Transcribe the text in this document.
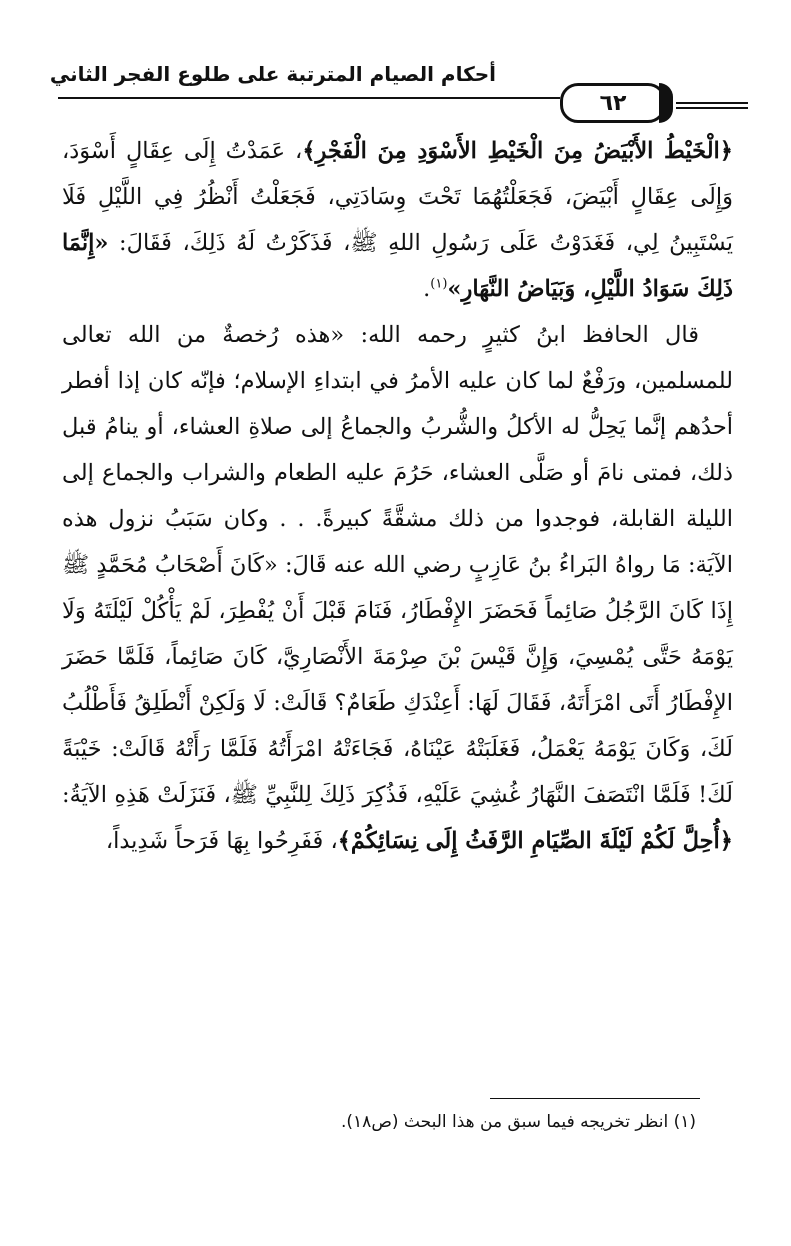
أحكام الصيام المترتبة على طلوع الفجر الثاني
٦٢

﴿الْخَيْطُ الأَبْيَضُ مِنَ الْخَيْطِ الأَسْوَدِ مِنَ الْفَجْرِ﴾، عَمَدْتُ إِلَى عِقَالٍ أَسْوَدَ، وَإِلَى عِقَالٍ أَبْيَضَ، فَجَعَلْتُهُمَا تَحْتَ وِسَادَتِي، فَجَعَلْتُ أَنْظُرُ فِي اللَّيْلِ فَلَا يَسْتَبِينُ لِي، فَغَدَوْتُ عَلَى رَسُولِ اللهِ ﷺ، فَذَكَرْتُ لَهُ ذَلِكَ، فَقَالَ: «إِنَّمَا ذَلِكَ سَوَادُ اللَّيْلِ، وَبَيَاضُ النَّهَارِ»$^{(١)}$.

قال الحافظ ابنُ كثيرٍ رحمه الله: «هذه رُخصةٌ من الله تعالى للمسلمين، ورَفْعٌ لما كان عليه الأمرُ في ابتداءِ الإسلام؛ فإنّه كان إذا أفطر أحدُهم إنَّما يَحِلُّ له الأكلُ والشُّربُ والجماعُ إلى صلاةِ العشاء، أو ينامُ قبل ذلك، فمتى نامَ أو صَلَّى العشاء، حَرُمَ عليه الطعام والشراب والجماع إلى الليلة القابلة، فوجدوا من ذلك مشقَّةً كبيرةً. . . وكان سَبَبُ نزول هذه الآيَة: مَا رواهُ البَراءُ بنُ عَازِبٍ رضي الله عنه قَالَ: «كَانَ أَصْحَابُ مُحَمَّدٍ ﷺ إِذَا كَانَ الرَّجُلُ صَائِماً فَحَضَرَ الإِفْطَارُ، فَنَامَ قَبْلَ أَنْ يُفْطِرَ، لَمْ يَأْكُلْ لَيْلَتَهُ وَلَا يَوْمَهُ حَتَّى يُمْسِيَ، وَإِنَّ قَيْسَ بْنَ صِرْمَةَ الأَنْصَارِيَّ، كَانَ صَائِماً، فَلَمَّا حَضَرَ الإِفْطَارُ أَتَى امْرَأَتَهُ، فَقَالَ لَهَا: أَعِنْدَكِ طَعَامٌ؟ قَالَتْ: لَا وَلَكِنْ أَنْطَلِقُ فَأَطْلُبُ لَكَ، وَكَانَ يَوْمَهُ يَعْمَلُ، فَغَلَبَتْهُ عَيْنَاهُ، فَجَاءَتْهُ امْرَأَتُهُ فَلَمَّا رَأَتْهُ قَالَتْ: خَيْبَةً لَكَ! فَلَمَّا انْتَصَفَ النَّهَارُ غُشِيَ عَلَيْهِ، فَذُكِرَ ذَلِكَ لِلنَّبِيِّ ﷺ، فَنَزَلَتْ هَذِهِ الآيَةُ: ﴿أُحِلَّ لَكُمْ لَيْلَةَ الصِّيَامِ الرَّفَثُ إِلَى نِسَائِكُمْ﴾، فَفَرِحُوا بِهَا فَرَحاً شَدِيداً،

(١) انظر تخريجه فيما سبق من هذا البحث (ص١٨).
